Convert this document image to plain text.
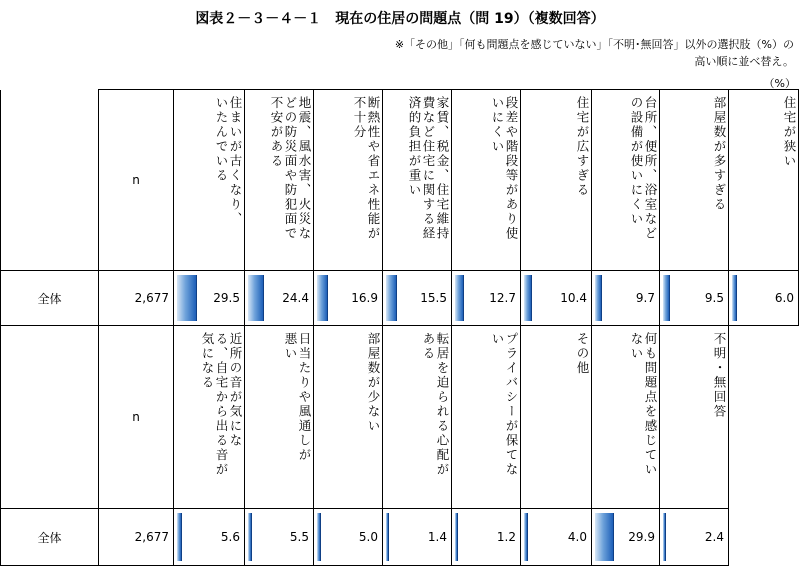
図表２－３－４－１　現在の住居の問題点（問 19）（複数回答）
※「その他」「何も問題点を感じていない」「不明･無回答」以外の選択肢（%）の
高い順に並べ替え。
（%）
	n	住まいが古くなり、
いたんでいる	地震、風水害、火災な
どの防災面や防犯面で
不安がある	断熱性や省エネ性能が
不十分	家賃、税金、住宅維持
費など住宅に関する経
済的負担が重い	段差や階段等があり使
いにくい	住宅が広すぎる	台所、便所、浴室など
の設備が使いにくい	部屋数が多すぎる	住宅が狭い

全体	2,677	29.5	24.4	16.9	15.5	12.7	10.4	9.7	9.5	6.0

	n	近所の音が気にな
る、自宅から出る音が
気になる	日当たりや風通しが
悪い	部屋数が少ない	転居を迫られる心配が
ある	プライバシーが保てな
い	その他	何も問題点を感じてい
ない	不明・無回答	

全体	2,677	5.6	5.5	5.0	1.4	1.2	4.0	29.9	2.4	
